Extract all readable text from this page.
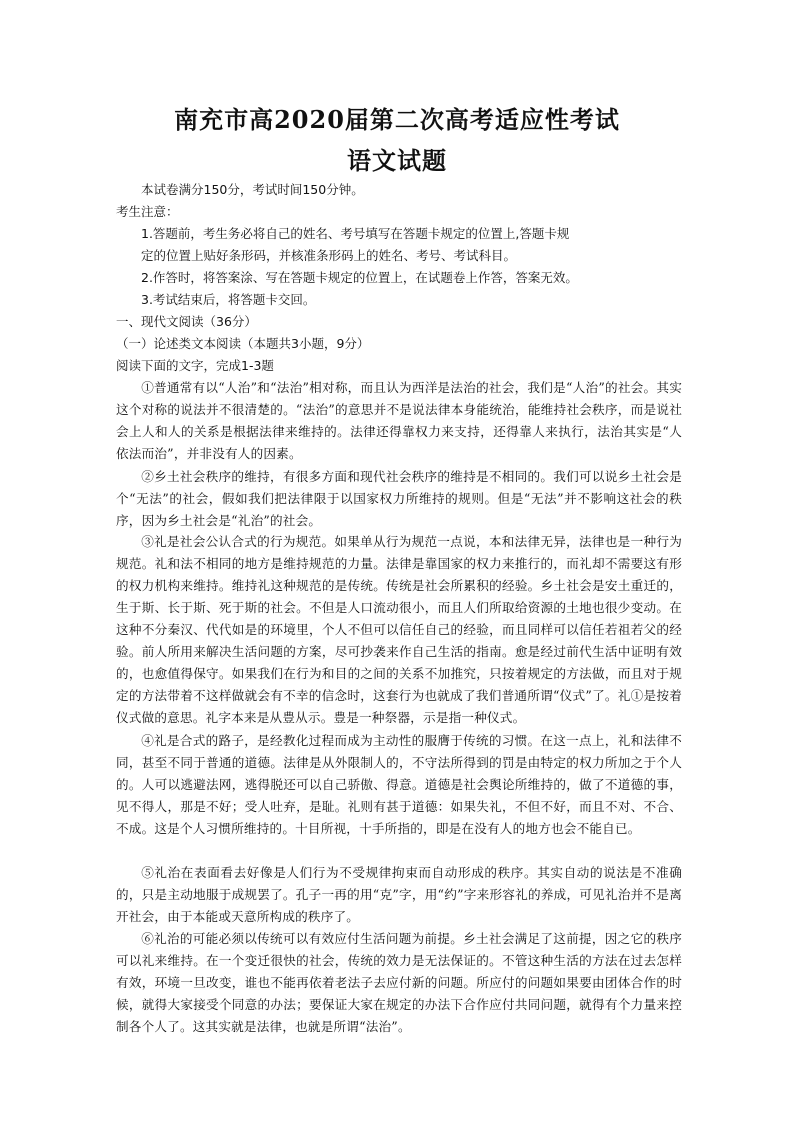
南充市高2020届第二次高考适应性考试
语文试题

本试卷满分150分，考试时间150分钟。

考生注意：

1.答题前，考生务必将自己的姓名、考号填写在答题卡规定的位置上,答题卡规

定的位置上贴好条形码，并核准条形码上的姓名、考号、考试科目。

2.作答时，将答案涂、写在答题卡规定的位置上，在试题卷上作答，答案无效。

3.考试结束后，将答题卡交回。

一、现代文阅读（36分）

（一）论述类文本阅读（本题共3小题，9分）

阅读下面的文字，完成1-3题

①普通常有以“人治”和“法治”相对称，而且认为西洋是法治的社会，我们是“人治”的社会。其实这个对称的说法并不很清楚的。“法治”的意思并不是说法律本身能统治，能维持社会秩序，而是说社会上人和人的关系是根据法律来维持的。法律还得靠权力来支持，还得靠人来执行，法治其实是“人依法而治”，并非没有人的因素。

②乡土社会秩序的维持，有很多方面和现代社会秩序的维持是不相同的。我们可以说乡土社会是个“无法”的社会，假如我们把法律限于以国家权力所维持的规则。但是“无法”并不影响这社会的秩序，因为乡土社会是“礼治”的社会。

③礼是社会公认合式的行为规范。如果单从行为规范一点说，本和法律无异，法律也是一种行为规范。礼和法不相同的地方是维持规范的力量。法律是靠国家的权力来推行的，而礼却不需要这有形的权力机构来维持。维持礼这种规范的是传统。传统是社会所累积的经验。乡土社会是安土重迁的，生于斯、长于斯、死于斯的社会。不但是人口流动很小，而且人们所取给资源的土地也很少变动。在这种不分秦汉、代代如是的环境里，个人不但可以信任自己的经验，而且同样可以信任若祖若父的经验。前人所用来解决生活问题的方案，尽可抄袭来作自己生活的指南。愈是经过前代生活中证明有效的，也愈值得保守。如果我们在行为和目的之间的关系不加推究，只按着规定的方法做，而且对于规定的方法带着不这样做就会有不幸的信念时，这套行为也就成了我们普通所谓“仪式”了。礼①是按着仪式做的意思。礼字本来是从豊从示。豊是一种祭器，示是指一种仪式。

④礼是合式的路子，是经教化过程而成为主动性的服膺于传统的习惯。在这一点上，礼和法律不同，甚至不同于普通的道德。法律是从外限制人的，不守法所得到的罚是由特定的权力所加之于个人的。人可以逃避法网，逃得脱还可以自己骄傲、得意。道德是社会舆论所维持的，做了不道德的事，见不得人，那是不好；受人吐弃，是耻。礼则有甚于道德：如果失礼，不但不好，而且不对、不合、不成。这是个人习惯所维持的。十目所视，十手所指的，即是在没有人的地方也会不能自已。

⑤礼治在表面看去好像是人们行为不受规律拘束而自动形成的秩序。其实自动的说法是不准确的，只是主动地服于成规罢了。孔子一再的用“克”字，用“约”字来形容礼的养成，可见礼治并不是离开社会，由于本能或天意所构成的秩序了。

⑥礼治的可能必须以传统可以有效应付生活问题为前提。乡土社会满足了这前提，因之它的秩序可以礼来维持。在一个变迁很快的社会，传统的效力是无法保证的。不管这种生活的方法在过去怎样有效，环境一旦改变，谁也不能再依着老法子去应付新的问题。所应付的问题如果要由团体合作的时候，就得大家接受个同意的办法；要保证大家在规定的办法下合作应付共同问题，就得有个力量来控制各个人了。这其实就是法律，也就是所谓“法治”。
